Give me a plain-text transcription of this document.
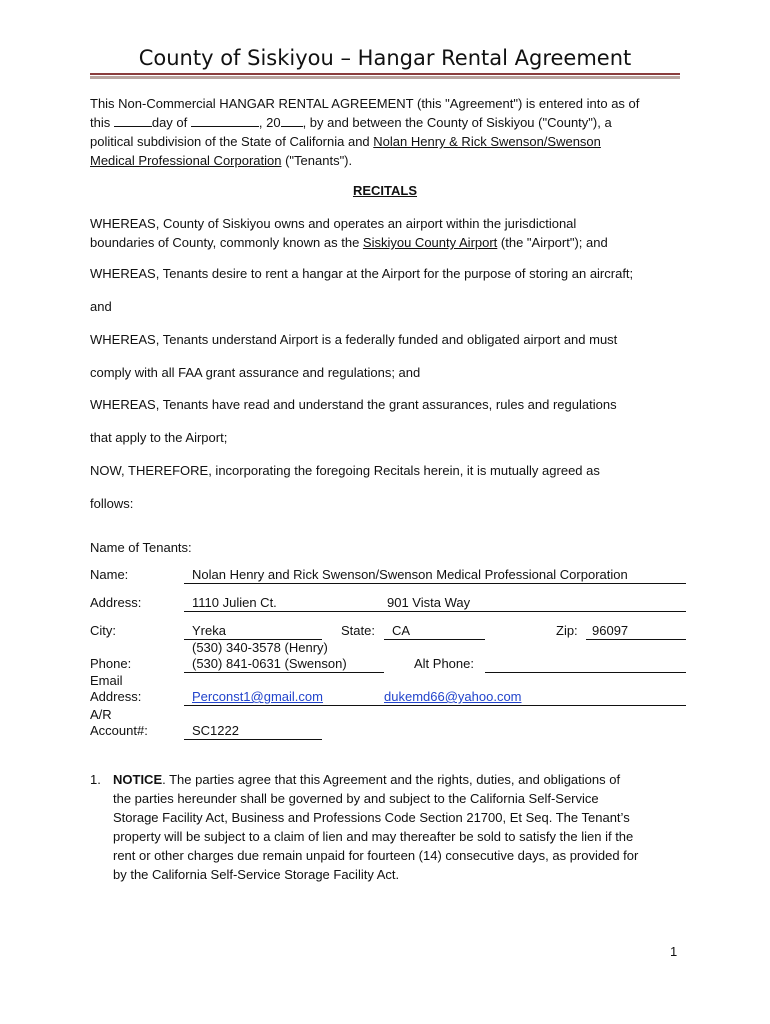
County of Siskiyou – Hangar Rental Agreement
This Non-Commercial HANGAR RENTAL AGREEMENT (this "Agreement") is entered into as of
this	day of	, 20 , by and between the County of Siskiyou ("County"), a
political subdivision of the State of California and Nolan Henry & Rick Swenson/Swenson
Medical Professional Corporation ("Tenants").
RECITALS
WHEREAS, County of Siskiyou owns and operates an airport within the jurisdictional
boundaries of County, commonly known as the Siskiyou County Airport (the "Airport"); and
WHEREAS, Tenants desire to rent a hangar at the Airport for the purpose of storing an aircraft;
and
WHEREAS, Tenants understand Airport is a federally funded and obligated airport and must
comply with all FAA grant assurance and regulations; and
WHEREAS, Tenants have read and understand the grant assurances, rules and regulations
that apply to the Airport;
NOW, THEREFORE, incorporating the foregoing Recitals herein, it is mutually agreed as
follows:
Name of Tenants:
Name:	Nolan Henry and Rick Swenson/Swenson Medical Professional Corporation
Address:	1110 Julien Ct.	901 Vista Way
City:	Yreka	State: CA	Zip: 96097
(530) 340-3578 (Henry)
Phone:	(530) 841-0631 (Swenson)	Alt Phone:
Email
Address:	Perconst1@gmail.com	dukemd66@yahoo.com
A/R
Account#:	SC1222
1. NOTICE. The parties agree that this Agreement and the rights, duties, and obligations of
the parties hereunder shall be governed by and subject to the California Self-Service
Storage Facility Act, Business and Professions Code Section 21700, Et Seq. The Tenant’s
property will be subject to a claim of lien and may thereafter be sold to satisfy the lien if the
rent or other charges due remain unpaid for fourteen (14) consecutive days, as provided for
by the California Self-Service Storage Facility Act.
1
